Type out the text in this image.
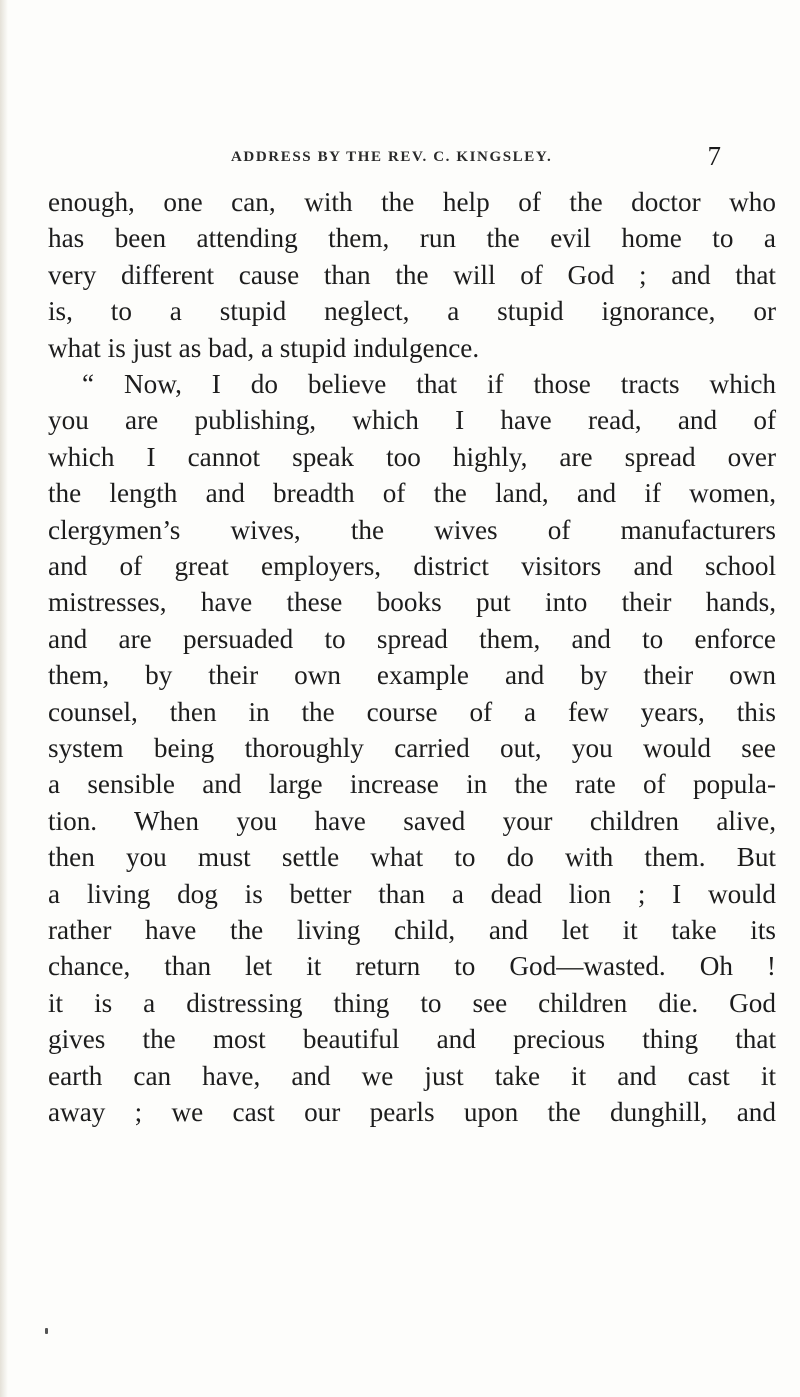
ADDRESS BY THE REV. C. KINGSLEY.	7
enough, one can, with the help of the doctor who
has been attending them, run the evil home to a
very different cause than the will of God ; and that
is, to a stupid neglect, a stupid ignorance, or
what is just as bad, a stupid indulgence.
“ Now, I do believe that if those tracts which
you are publishing, which I have read, and of
which I cannot speak too highly, are spread over
the length and breadth of the land, and if women,
clergymen’s wives, the wives of manufacturers
and of great employers, district visitors and school
mistresses, have these books put into their hands,
and are persuaded to spread them, and to enforce
them, by their own example and by their own
counsel, then in the course of a few years, this
system being thoroughly carried out, you would see
a sensible and large increase in the rate of popula-
tion. When you have saved your children alive,
then you must settle what to do with them. But
a living dog is better than a dead lion ; I would
rather have the living child, and let it take its
chance, than let it return to God—wasted. Oh !
it is a distressing thing to see children die. God
gives the most beautiful and precious thing that
earth can have, and we just take it and cast it
away ; we cast our pearls upon the dunghill, and
